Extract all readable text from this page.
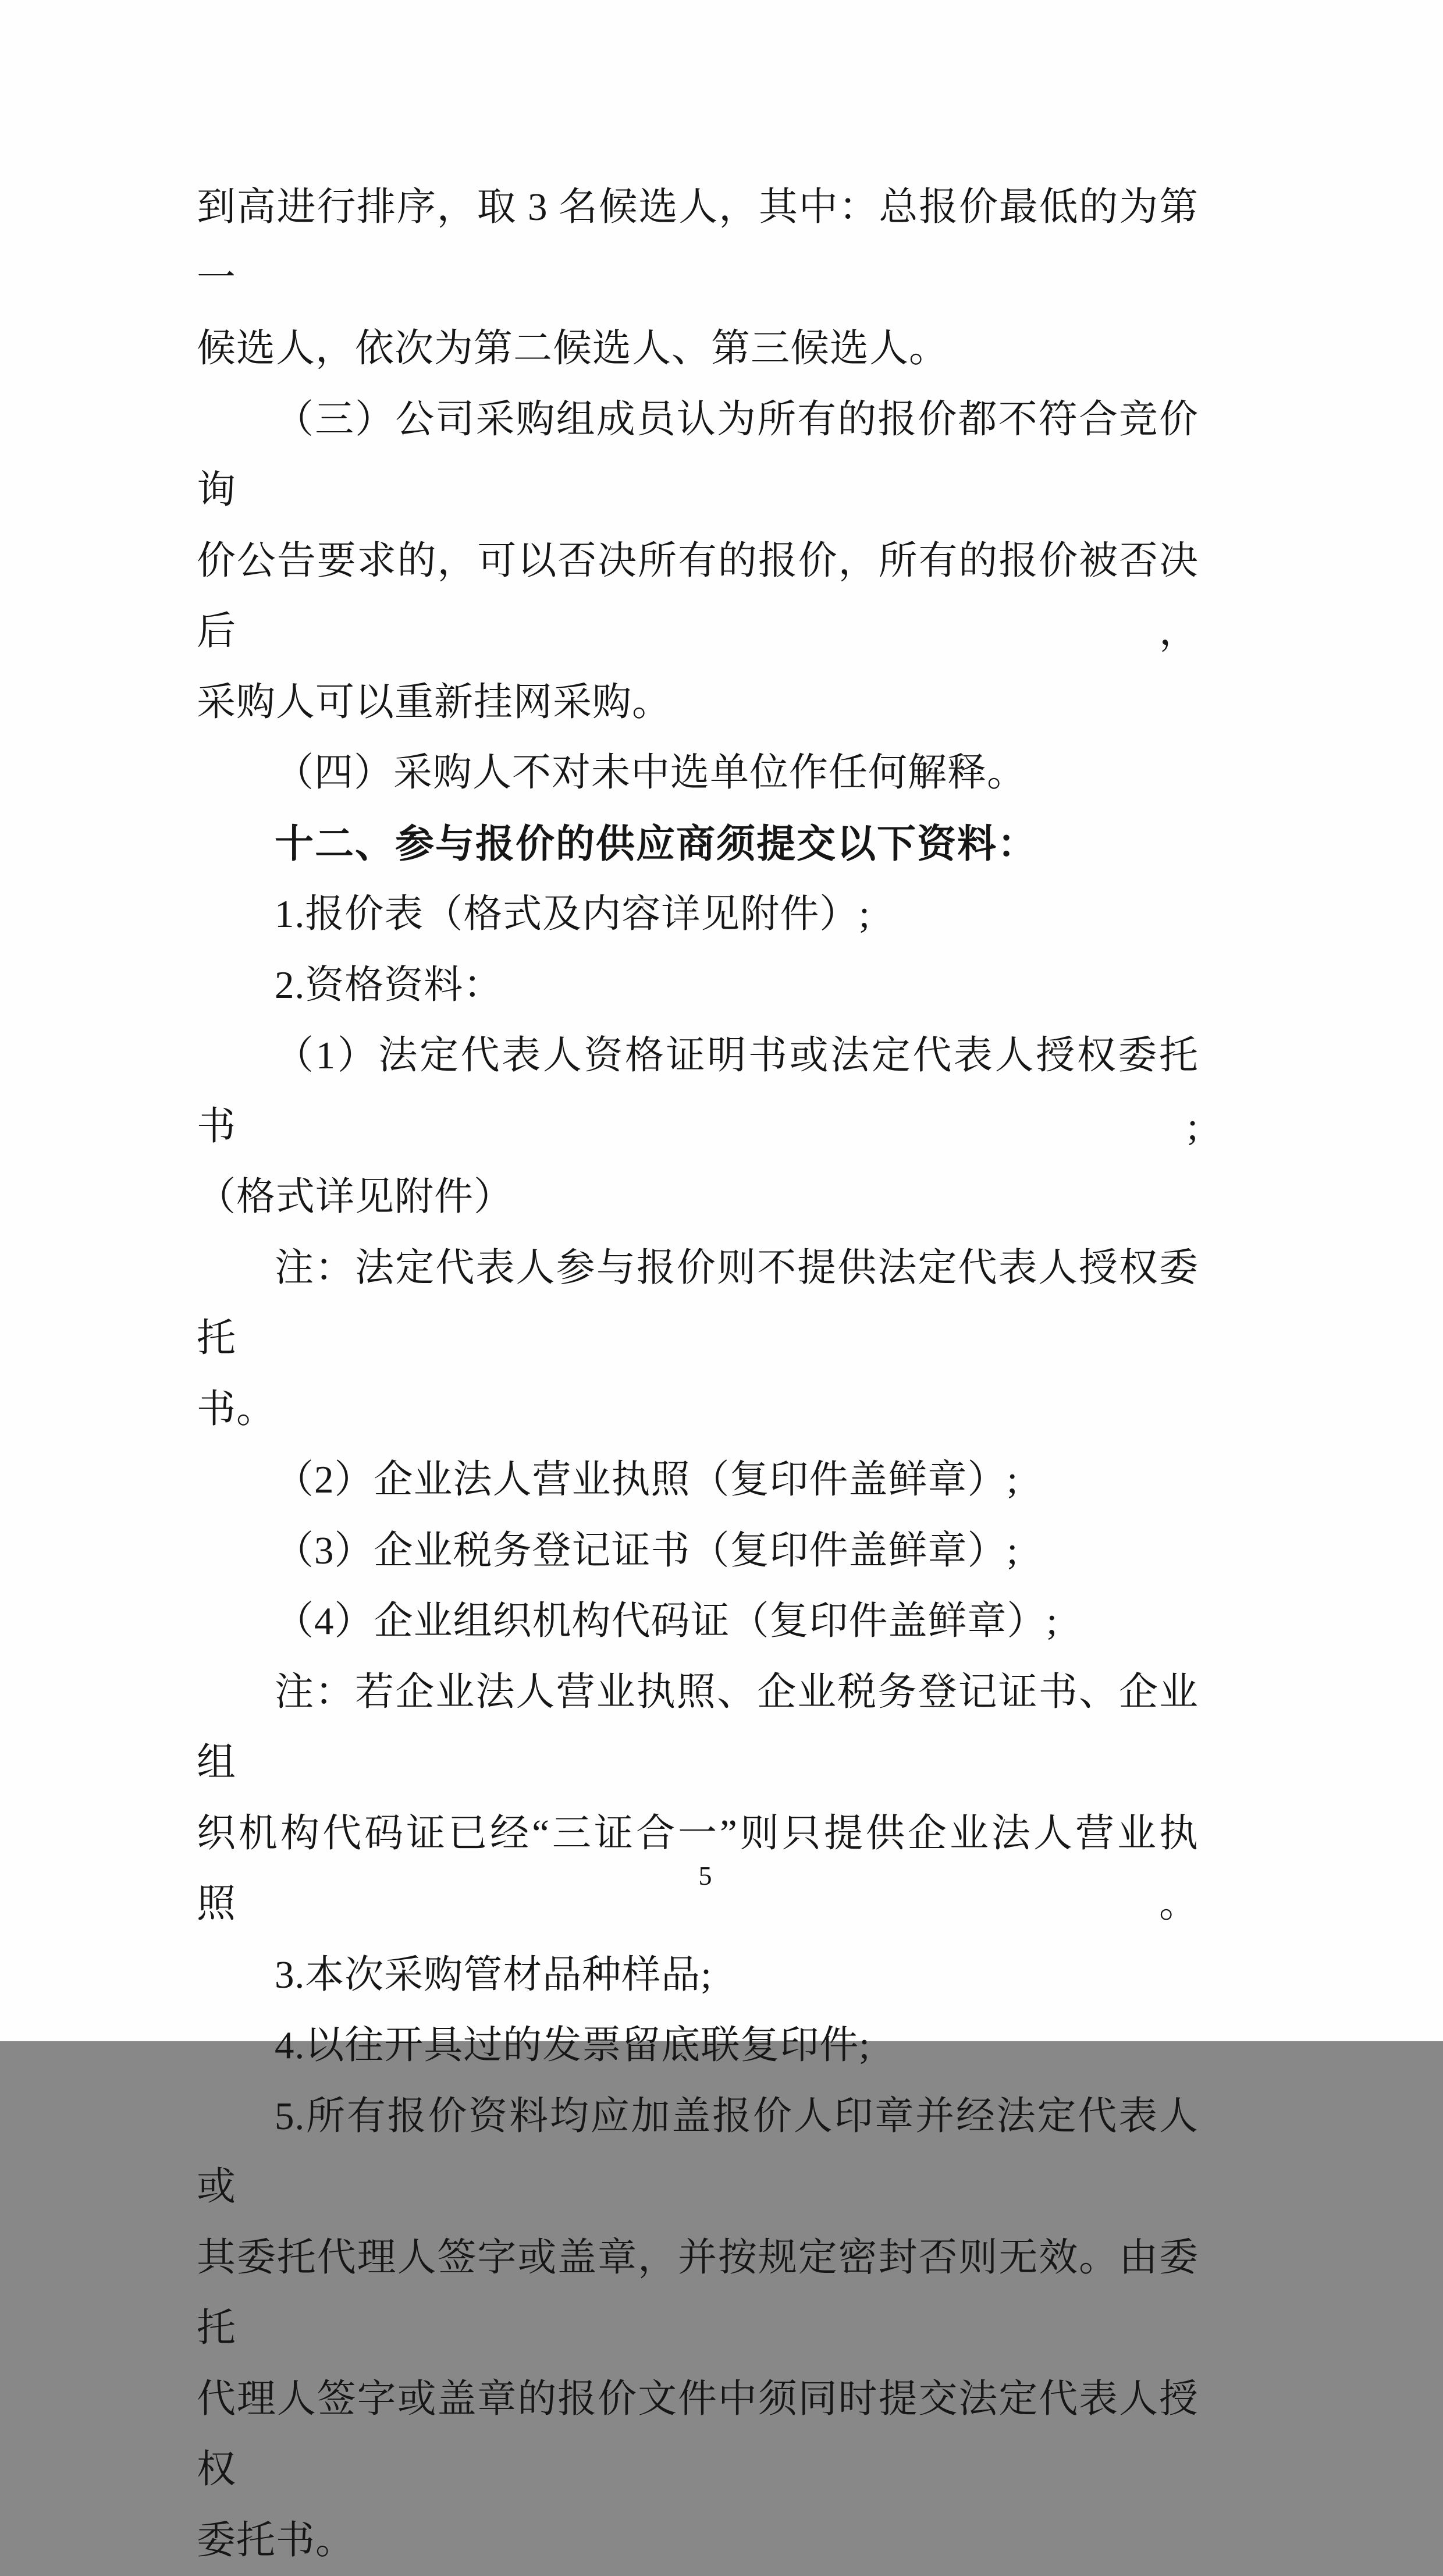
到高进行排序，取 3 名候选人，其中：总报价最低的为第一
候选人，依次为第二候选人、第三候选人。
（三）公司采购组成员认为所有的报价都不符合竞价询
价公告要求的，可以否决所有的报价，所有的报价被否决后，
采购人可以重新挂网采购。
（四）采购人不对未中选单位作任何解释。
十二、参与报价的供应商须提交以下资料：
1.报价表（格式及内容详见附件）;
2.资格资料：
（1）法定代表人资格证明书或法定代表人授权委托书;
（格式详见附件）
注：法定代表人参与报价则不提供法定代表人授权委托
书。
（2）企业法人营业执照（复印件盖鲜章）;
（3）企业税务登记证书（复印件盖鲜章）;
（4）企业组织机构代码证（复印件盖鲜章）;
注：若企业法人营业执照、企业税务登记证书、企业组
织机构代码证已经“三证合一”则只提供企业法人营业执照。
3.本次采购管材品种样品;
4.以往开具过的发票留底联复印件;
5.所有报价资料均应加盖报价人印章并经法定代表人或
其委托代理人签字或盖章，并按规定密封否则无效。由委托
代理人签字或盖章的报价文件中须同时提交法定代表人授权
委托书。
5
